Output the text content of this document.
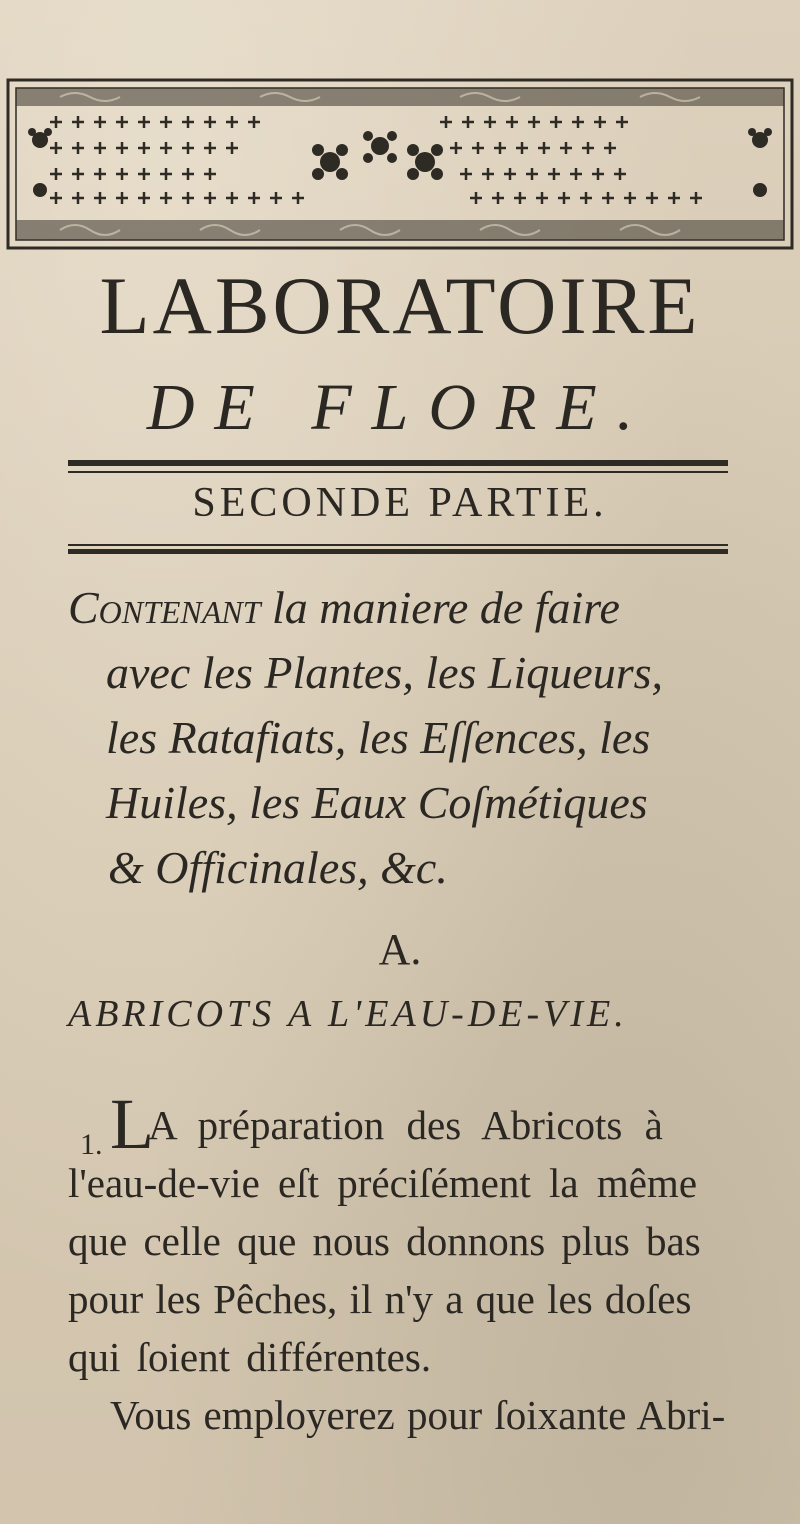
LABORATOIRE
DE FLORE.
SECONDE PARTIE.
Contenant la maniere de faire
avec les Plantes, les Liqueurs,
les Ratafiats, les Eſſences, les
Huiles, les Eaux Coſmétiques
& Officinales, &c.
A.
ABRICOTS A L'EAU-DE-VIE.
1. L
A préparation des Abricots à
l'eau-de-vie eſt préciſément la même
que celle que nous donnons plus bas
pour les Pêches, il n'y a que les doſes
qui ſoient différentes.
Vous employerez pour ſoixante Abri-
